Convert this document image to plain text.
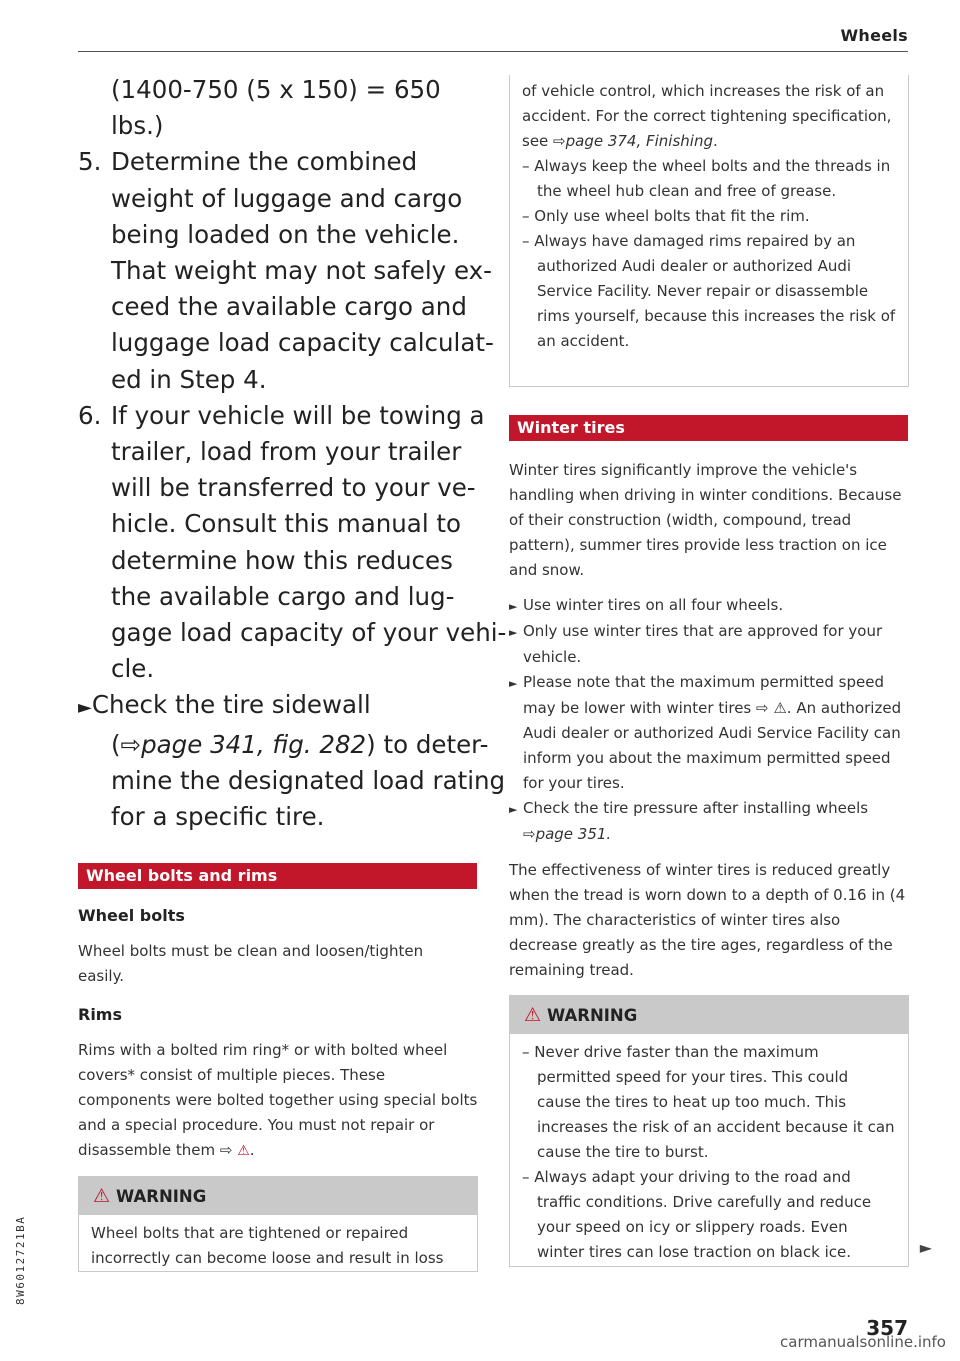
Wheels
(1400-750 (5 x 150) = 650
lbs.)
5. Determine the combined
weight of luggage and cargo
being loaded on the vehicle.
That weight may not safely ex-
ceed the available cargo and
luggage load capacity calculat-
ed in Step 4.
6. If your vehicle will be towing a
trailer, load from your trailer
will be transferred to your ve-
hicle. Consult this manual to
determine how this reduces
the available cargo and lug-
gage load capacity of your vehi-
cle.
►Check the tire sidewall
(⇨page 341, fig. 282) to deter-
mine the designated load rating
for a specific tire.
Wheel bolts and rims
Wheel bolts
Wheel bolts must be clean and loosen/tighten easily.
Rims
Rims with a bolted rim ring* or with bolted wheel covers* consist of multiple pieces. These components were bolted together using special bolts and a special procedure. You must not repair or disassemble them ⇨ ⚠.
⚠ WARNING
Wheel bolts that are tightened or repaired incorrectly can become loose and result in loss
of vehicle control, which increases the risk of an accident. For the correct tightening specification, see ⇨page 374, Finishing.
– Always keep the wheel bolts and the threads in the wheel hub clean and free of grease.
– Only use wheel bolts that fit the rim.
– Always have damaged rims repaired by an authorized Audi dealer or authorized Audi Service Facility. Never repair or disassemble rims yourself, because this increases the risk of an accident.
Winter tires
Winter tires significantly improve the vehicle's handling when driving in winter conditions. Because of their construction (width, compound, tread pattern), summer tires provide less traction on ice and snow.
► Use winter tires on all four wheels.
► Only use winter tires that are approved for your vehicle.
► Please note that the maximum permitted speed may be lower with winter tires ⇨ ⚠. An authorized Audi dealer or authorized Audi Service Facility can inform you about the maximum permitted speed for your tires.
► Check the tire pressure after installing wheels
⇨page 351.
The effectiveness of winter tires is reduced greatly when the tread is worn down to a depth of 0.16 in (4 mm). The characteristics of winter tires also decrease greatly as the tire ages, regardless of the remaining tread.
⚠ WARNING
– Never drive faster than the maximum permitted speed for your tires. This could cause the tires to heat up too much. This increases the risk of an accident because it can cause the tire to burst.
– Always adapt your driving to the road and traffic conditions. Drive carefully and reduce your speed on icy or slippery roads. Even winter tires can lose traction on black ice.	►
8W6012721BA
357
carmanualsonline.info
